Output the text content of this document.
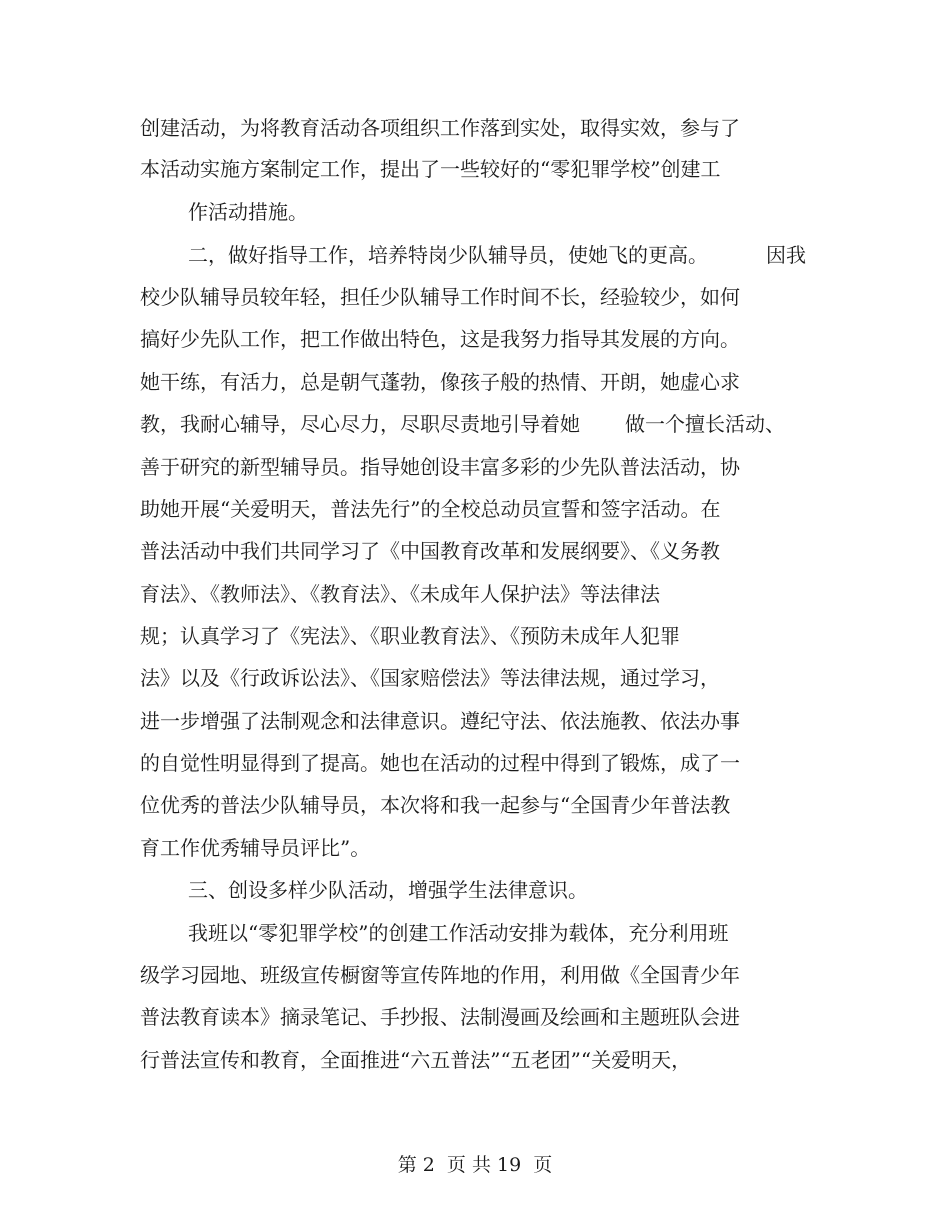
创建活动，为将教育活动各项组织工作落到实处，取得实效，参与了
本活动实施方案制定工作，提出了一些较好的“零犯罪学校”创建工
作活动措施。
二，做好指导工作，培养特岗少队辅导员，使她飞的更高。	因我
校少队辅导员较年轻，担任少队辅导工作时间不长，经验较少，如何
搞好少先队工作，把工作做出特色，这是我努力指导其发展的方向。
她干练，有活力，总是朝气蓬勃，像孩子般的热情、开朗，她虚心求
教，我耐心辅导，尽心尽力，尽职尽责地引导着她 做一个擅长活动、
善于研究的新型辅导员。指导她创设丰富多彩的少先队普法活动，协
助她开展“关爱明天，普法先行”的全校总动员宣誓和签字活动。在
普法活动中我们共同学习了《中国教育改革和发展纲要》、《义务教
育法》、《教师法》、《教育法》、《未成年人保护法》等法律法
规；认真学习了《宪法》、《职业教育法》、《预防未成年人犯罪
法》以及《行政诉讼法》、《国家赔偿法》等法律法规，通过学习，
进一步增强了法制观念和法律意识。遵纪守法、依法施教、依法办事
的自觉性明显得到了提高。她也在活动的过程中得到了锻炼，成了一
位优秀的普法少队辅导员，本次将和我一起参与“全国青少年普法教
育工作优秀辅导员评比”。
三、创设多样少队活动，增强学生法律意识。
我班以“零犯罪学校”的创建工作活动安排为载体，充分利用班
级学习园地、班级宣传橱窗等宣传阵地的作用，利用做《全国青少年
普法教育读本》摘录笔记、手抄报、法制漫画及绘画和主题班队会进
行普法宣传和教育，全面推进“六五普法”“五老团”“关爱明天，
第 2  页 共 19  页
